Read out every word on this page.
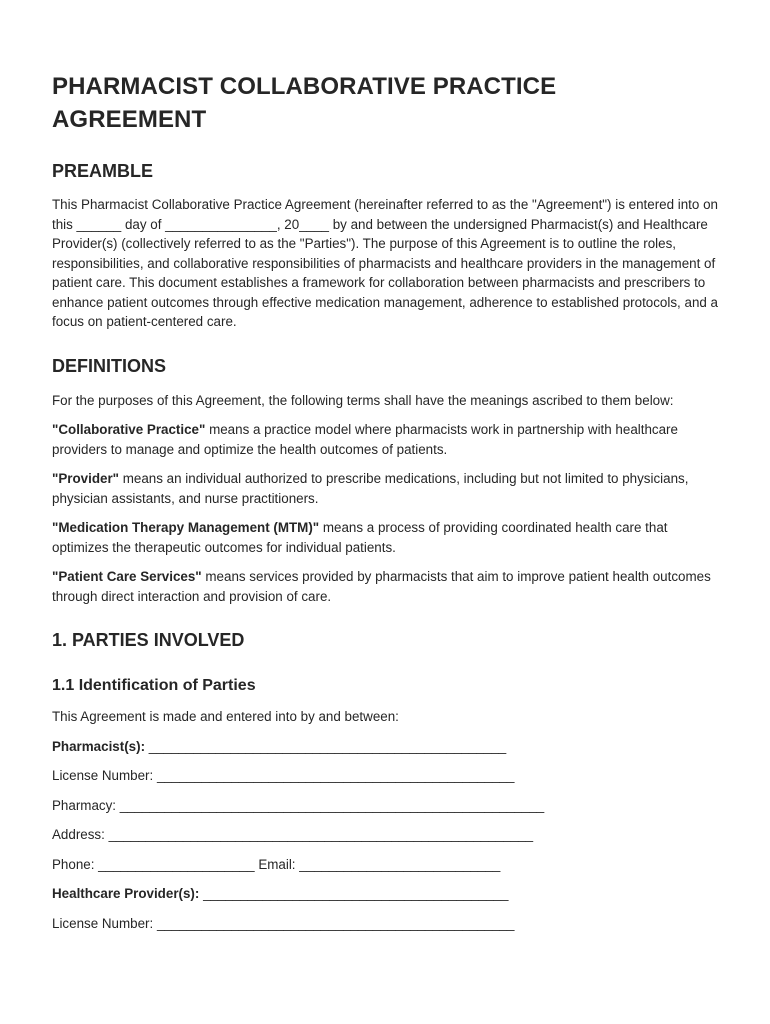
PHARMACIST COLLABORATIVE PRACTICE
AGREEMENT
PREAMBLE

This Pharmacist Collaborative Practice Agreement (hereinafter referred to as the "Agreement") is entered into on this ______ day of _______________, 20____ by and between the undersigned Pharmacist(s) and Healthcare Provider(s) (collectively referred to as the "Parties"). The purpose of this Agreement is to outline the roles, responsibilities, and collaborative responsibilities of pharmacists and healthcare providers in the management of patient care. This document establishes a framework for collaboration between pharmacists and prescribers to enhance patient outcomes through effective medication management, adherence to established protocols, and a focus on patient-centered care.

DEFINITIONS

For the purposes of this Agreement, the following terms shall have the meanings ascribed to them below:

"Collaborative Practice" means a practice model where pharmacists work in partnership with healthcare providers to manage and optimize the health outcomes of patients.

"Provider" means an individual authorized to prescribe medications, including but not limited to physicians, physician assistants, and nurse practitioners.

"Medication Therapy Management (MTM)" means a process of providing coordinated health care that optimizes the therapeutic outcomes for individual patients.

"Patient Care Services" means services provided by pharmacists that aim to improve patient health outcomes through direct interaction and provision of care.

1. PARTIES INVOLVED
1.1 Identification of Parties

This Agreement is made and entered into by and between:

Pharmacist(s): ________________________________________________
License Number: ________________________________________________
Pharmacy: _________________________________________________________
Address: _________________________________________________________
Phone: _____________________ Email: ___________________________
Healthcare Provider(s): _________________________________________
License Number: ________________________________________________
